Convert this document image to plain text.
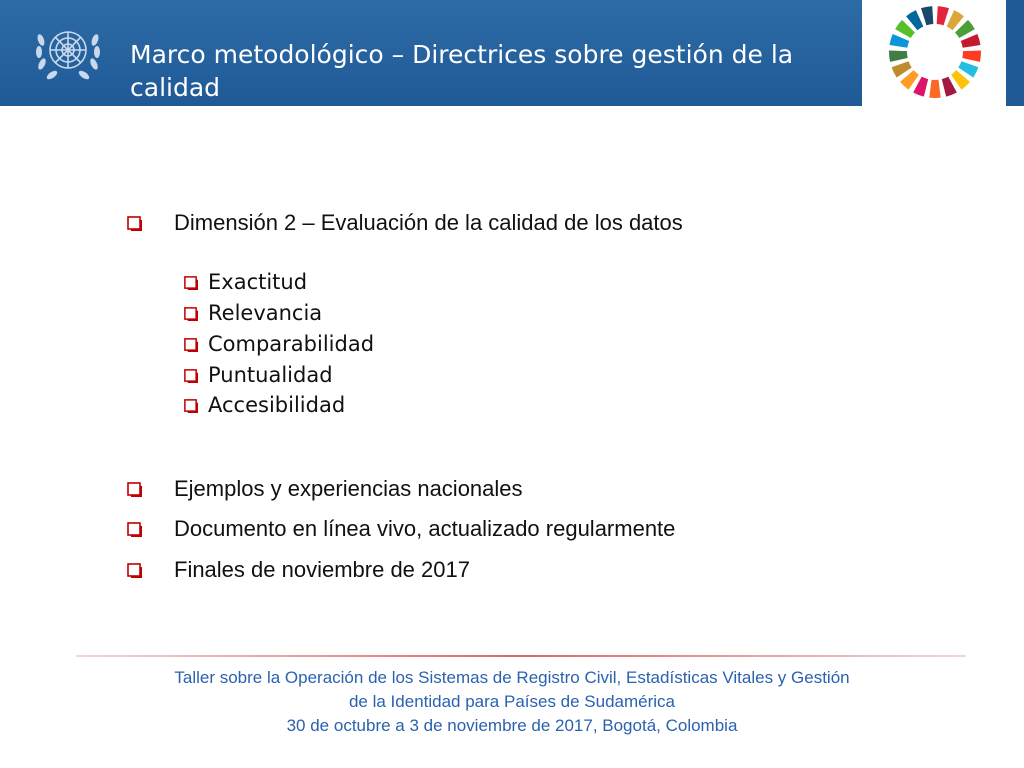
Marco metodológico – Directrices sobre gestión de la calidad
Dimensión 2 – Evaluación de la calidad de los datos
Exactitud
Relevancia
Comparabilidad
Puntualidad
Accesibilidad
Ejemplos y experiencias nacionales
Documento en línea vivo, actualizado regularmente
Finales de noviembre de 2017
Taller sobre la Operación de los Sistemas de Registro Civil, Estadísticas Vitales y Gestión
de la Identidad para Países de Sudamérica
30 de octubre a 3 de noviembre de 2017, Bogotá, Colombia
